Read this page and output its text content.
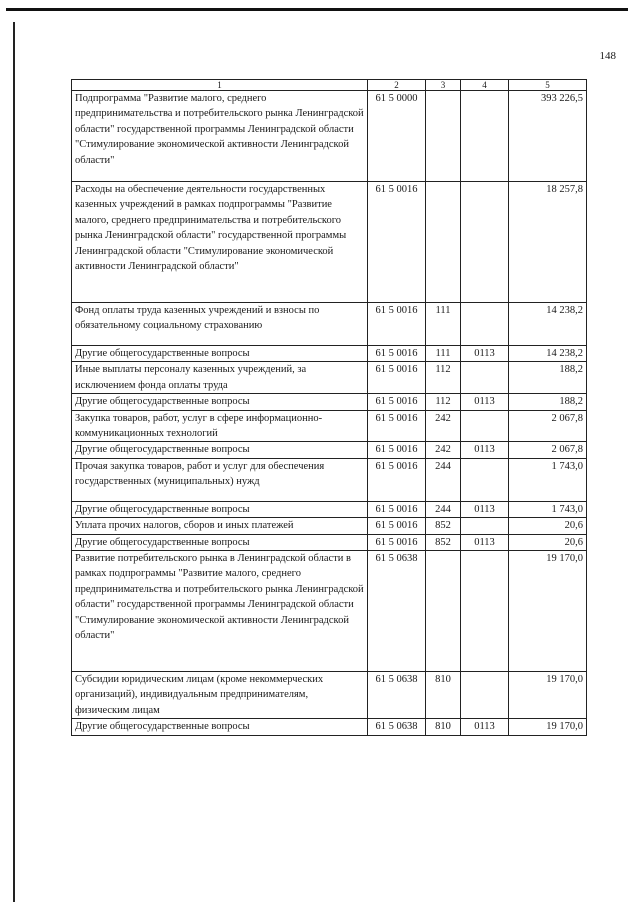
148
1	2	3	4	5
Подпрограмма "Развитие малого, среднего предпринимательства и потребительского рынка Ленинградской области" государственной программы Ленинградской области "Стимулирование экономической активности Ленинградской области"	61 5 0000			393 226,5
Расходы на обеспечение деятельности государственных казенных учреждений в рамках подпрограммы "Развитие малого, среднего предпринимательства и потребительского рынка Ленинградской области" государственной программы Ленинградской области "Стимулирование экономической активности Ленинградской области"	61 5 0016			18 257,8
Фонд оплаты труда казенных учреждений и взносы по обязательному социальному страхованию	61 5 0016	111		14 238,2
Другие общегосударственные вопросы	61 5 0016	111	0113	14 238,2
Иные выплаты персоналу казенных учреждений, за исключением фонда оплаты труда	61 5 0016	112		188,2
Другие общегосударственные вопросы	61 5 0016	112	0113	188,2
Закупка товаров, работ, услуг в сфере информационно-коммуникационных технологий	61 5 0016	242		2 067,8
Другие общегосударственные вопросы	61 5 0016	242	0113	2 067,8
Прочая закупка товаров, работ и услуг для обеспечения государственных (муниципальных) нужд	61 5 0016	244		1 743,0
Другие общегосударственные вопросы	61 5 0016	244	0113	1 743,0
Уплата прочих налогов, сборов и иных платежей	61 5 0016	852		20,6
Другие общегосударственные вопросы	61 5 0016	852	0113	20,6
Развитие потребительского рынка в Ленинградской области в рамках подпрограммы "Развитие малого, среднего предпринимательства и потребительского рынка Ленинградской области" государственной программы Ленинградской области "Стимулирование экономической активности Ленинградской области"	61 5 0638			19 170,0
Субсидии юридическим лицам (кроме некоммерческих организаций), индивидуальным предпринимателям, физическим лицам	61 5 0638	810		19 170,0
Другие общегосударственные вопросы	61 5 0638	810	0113	19 170,0
